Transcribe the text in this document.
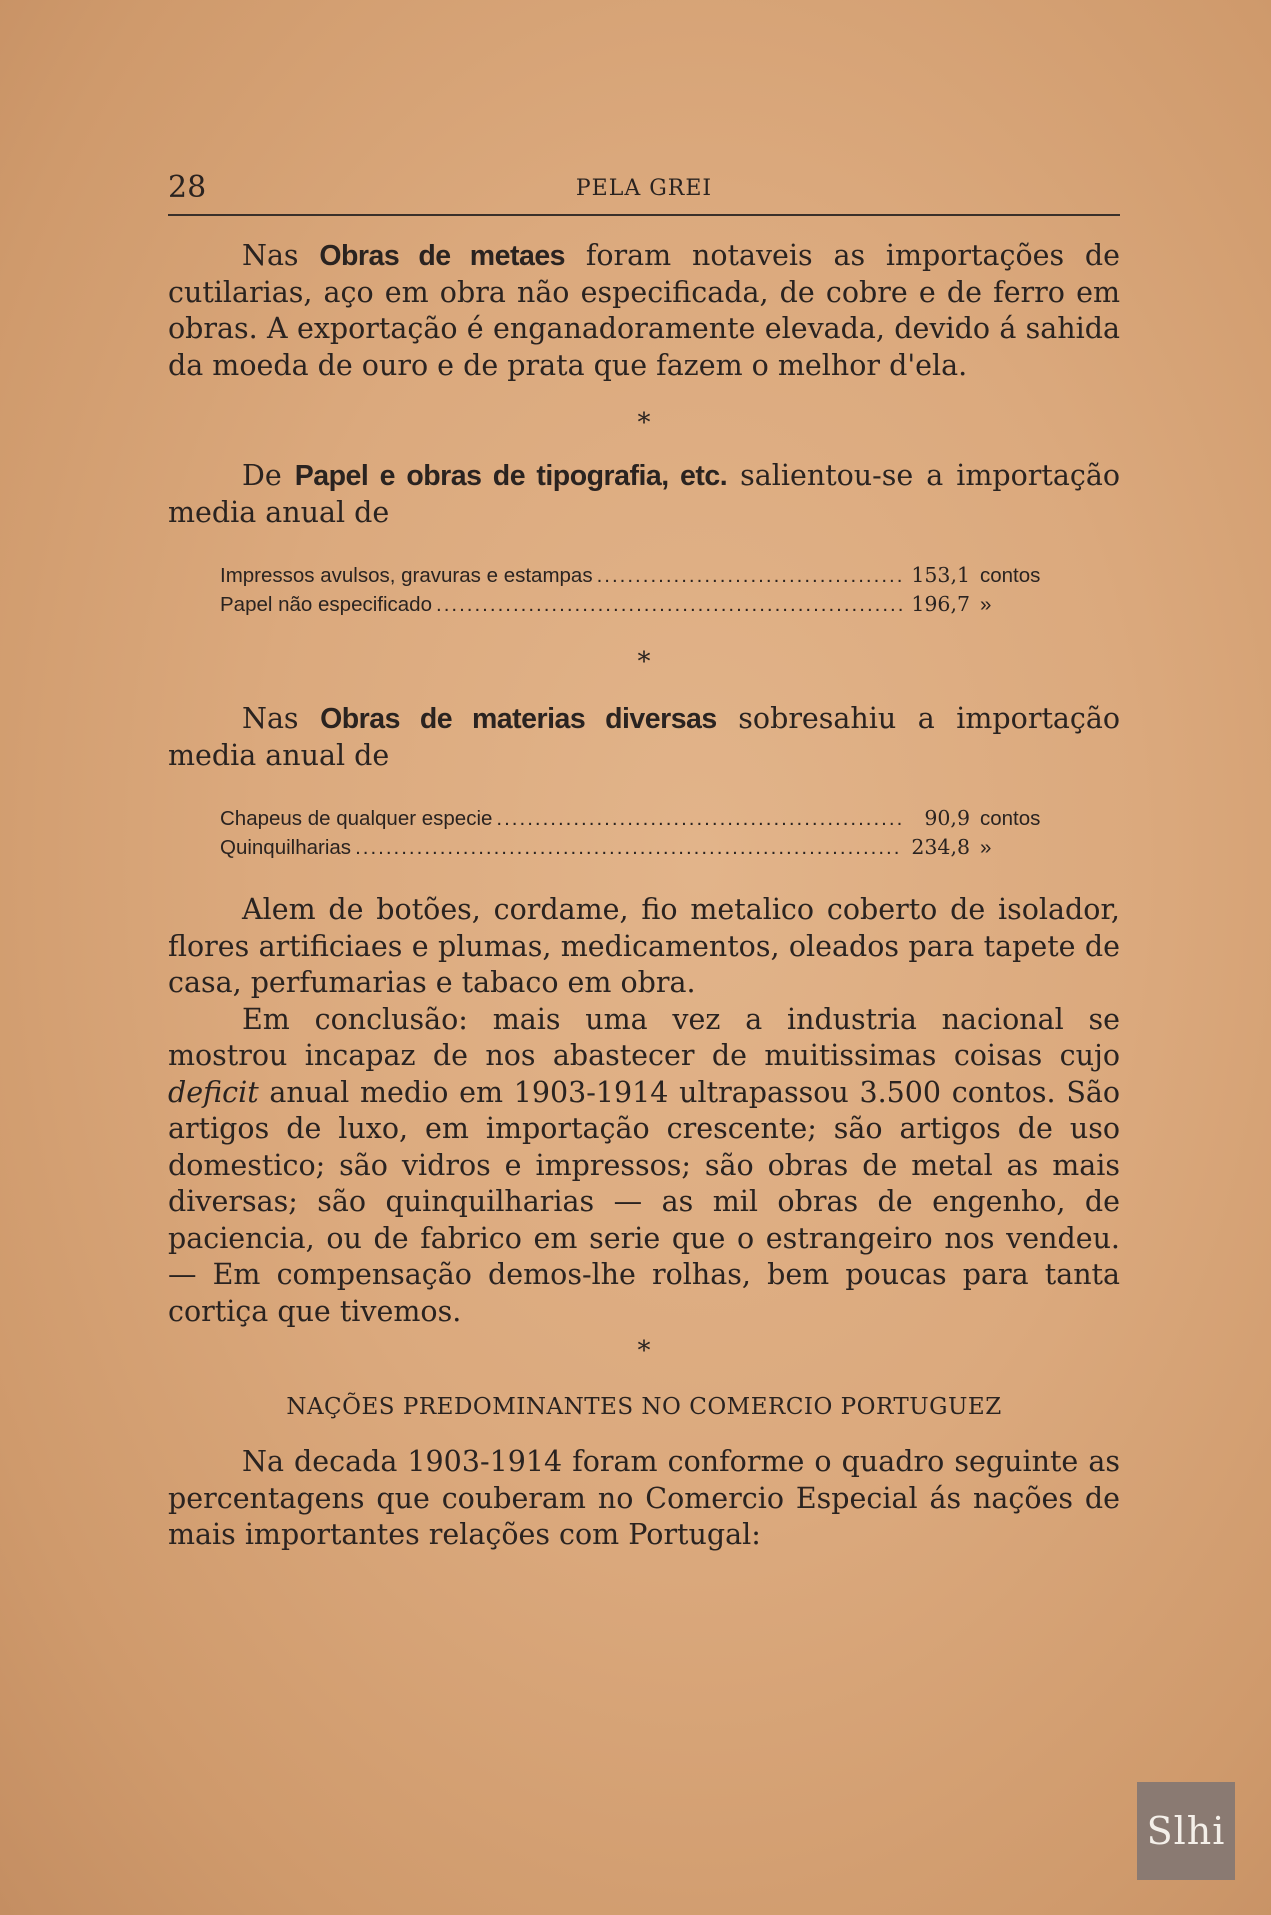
28	PELA GREI

Nas Obras de metaes foram notaveis as importações de cutilarias, aço em obra não especificada, de cobre e de ferro em obras. A exportação é enganadoramente elevada, devido á sahida da moeda de ouro e de prata que fazem o melhor d'ela.

*

De Papel e obras de tipografia, etc. salientou-se a importação media anual de

Impressos avulsos, gravuras e estampas .....	153,1 contos
Papel não especificado .....	196,7 »
*

Nas Obras de materias diversas sobresahiu a importação media anual de

Chapeus de qualquer especie .....	90,9 contos
Quinquilharias .....	234,8 »

Alem de botões, cordame, fio metalico coberto de isolador, flores artificiaes e plumas, medicamentos, oleados para tapete de casa, perfumarias e tabaco em obra.

Em conclusão: mais uma vez a industria nacional se mostrou incapaz de nos abastecer de muitissimas coisas cujo deficit anual medio em 1903-1914 ultrapassou 3.500 contos. São artigos de luxo, em importação crescente; são artigos de uso domestico; são vidros e impressos; são obras de metal as mais diversas; são quinquilharias — as mil obras de engenho, de paciencia, ou de fabrico em serie que o estrangeiro nos vendeu. — Em compensação demos-lhe rolhas, bem poucas para tanta cortiça que tivemos.

*
NAÇÕES PREDOMINANTES NO COMERCIO PORTUGUEZ

Na decada 1903-1914 foram conforme o quadro seguinte as percentagens que couberam no Comercio Especial ás nações de mais importantes relações com Portugal:

Slhi
